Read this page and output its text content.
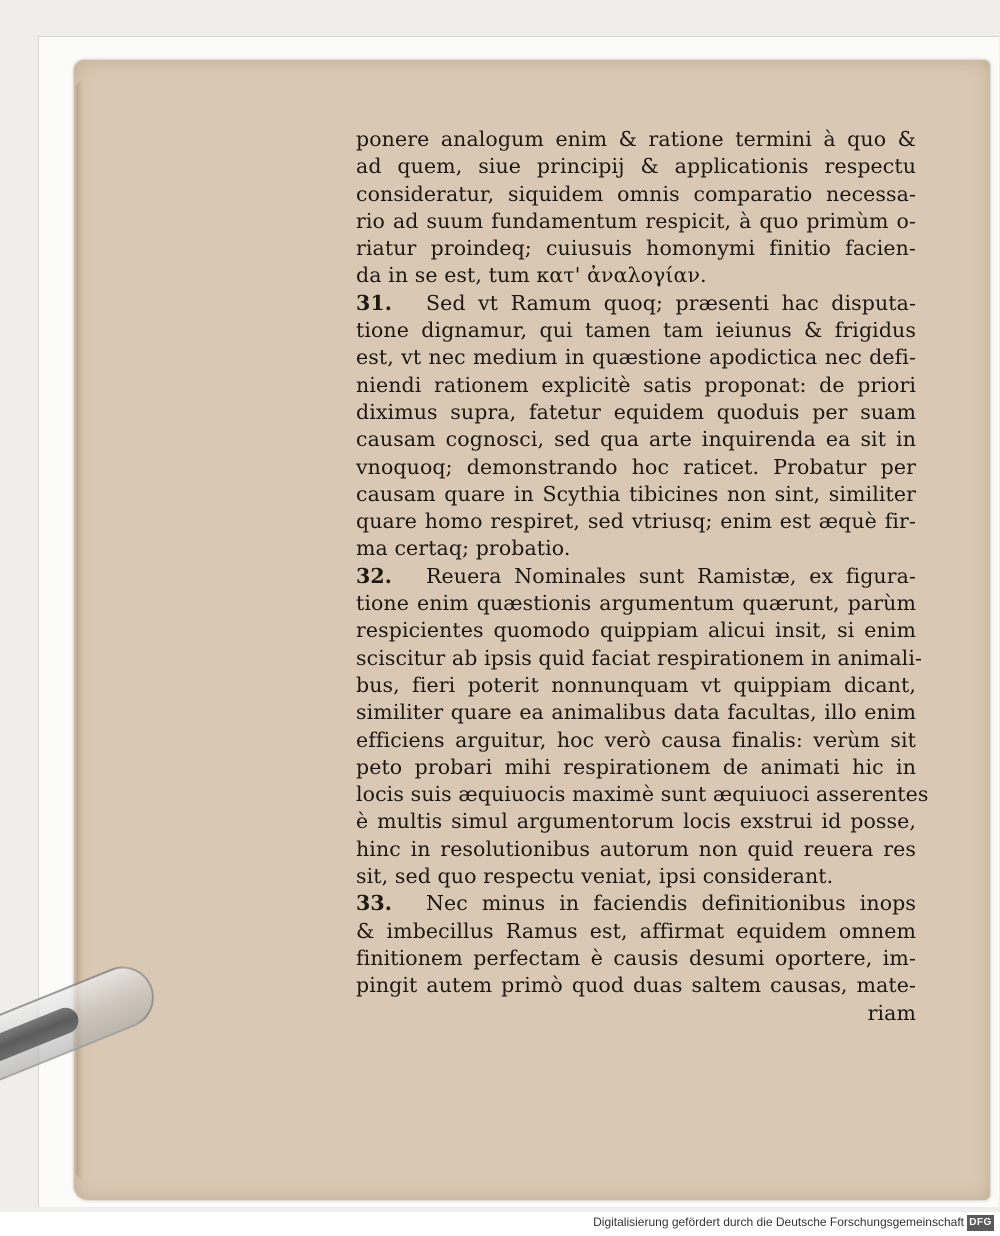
ponere analogum enim & ratione termini à quo &
ad quem, siue principij & applicationis respectu
consideratur, siquidem omnis comparatio necessa-
rio ad suum fundamentum respicit, à quo primùm o-
riatur proindeq; cuiusuis homonymi finitio facien-
da in se est, tum κατ' ἀναλογίαν.
31. Sed vt Ramum quoq; præsenti hac disputa-
tione dignamur, qui tamen tam ieiunus & frigidus
est, vt nec medium in quæstione apodictica nec defi-
niendi rationem explicitè satis proponat: de priori
diximus supra, fatetur equidem quoduis per suam
causam cognosci, sed qua arte inquirenda ea sit in
vnoquoq; demonstrando hoc raticet. Probatur per
causam quare in Scythia tibicines non sint, similiter
quare homo respiret, sed vtriusq; enim est æquè fir-
ma certaq; probatio.
32. Reuera Nominales sunt Ramistæ, ex figura-
tione enim quæstionis argumentum quærunt, parùm
respicientes quomodo quippiam alicui insit, si enim
sciscitur ab ipsis quid faciat respirationem in animali-
bus, fieri poterit nonnunquam vt quippiam dicant,
similiter quare ea animalibus data facultas, illo enim
efficiens arguitur, hoc verò causa finalis: verùm sit
peto probari mihi respirationem de animati hic in
locis suis æquiuocis maximè sunt æquiuoci asserentes
è multis simul argumentorum locis exstrui id posse,
hinc in resolutionibus autorum non quid reuera res
sit, sed quo respectu veniat, ipsi considerant.
33. Nec minus in faciendis definitionibus inops
& imbecillus Ramus est, affirmat equidem omnem
finitionem perfectam è causis desumi oportere, im-
pingit autem primò quod duas saltem causas, mate-
riam
Digitalisierung gefördert durch die Deutsche Forschungsgemeinschaft DFG
